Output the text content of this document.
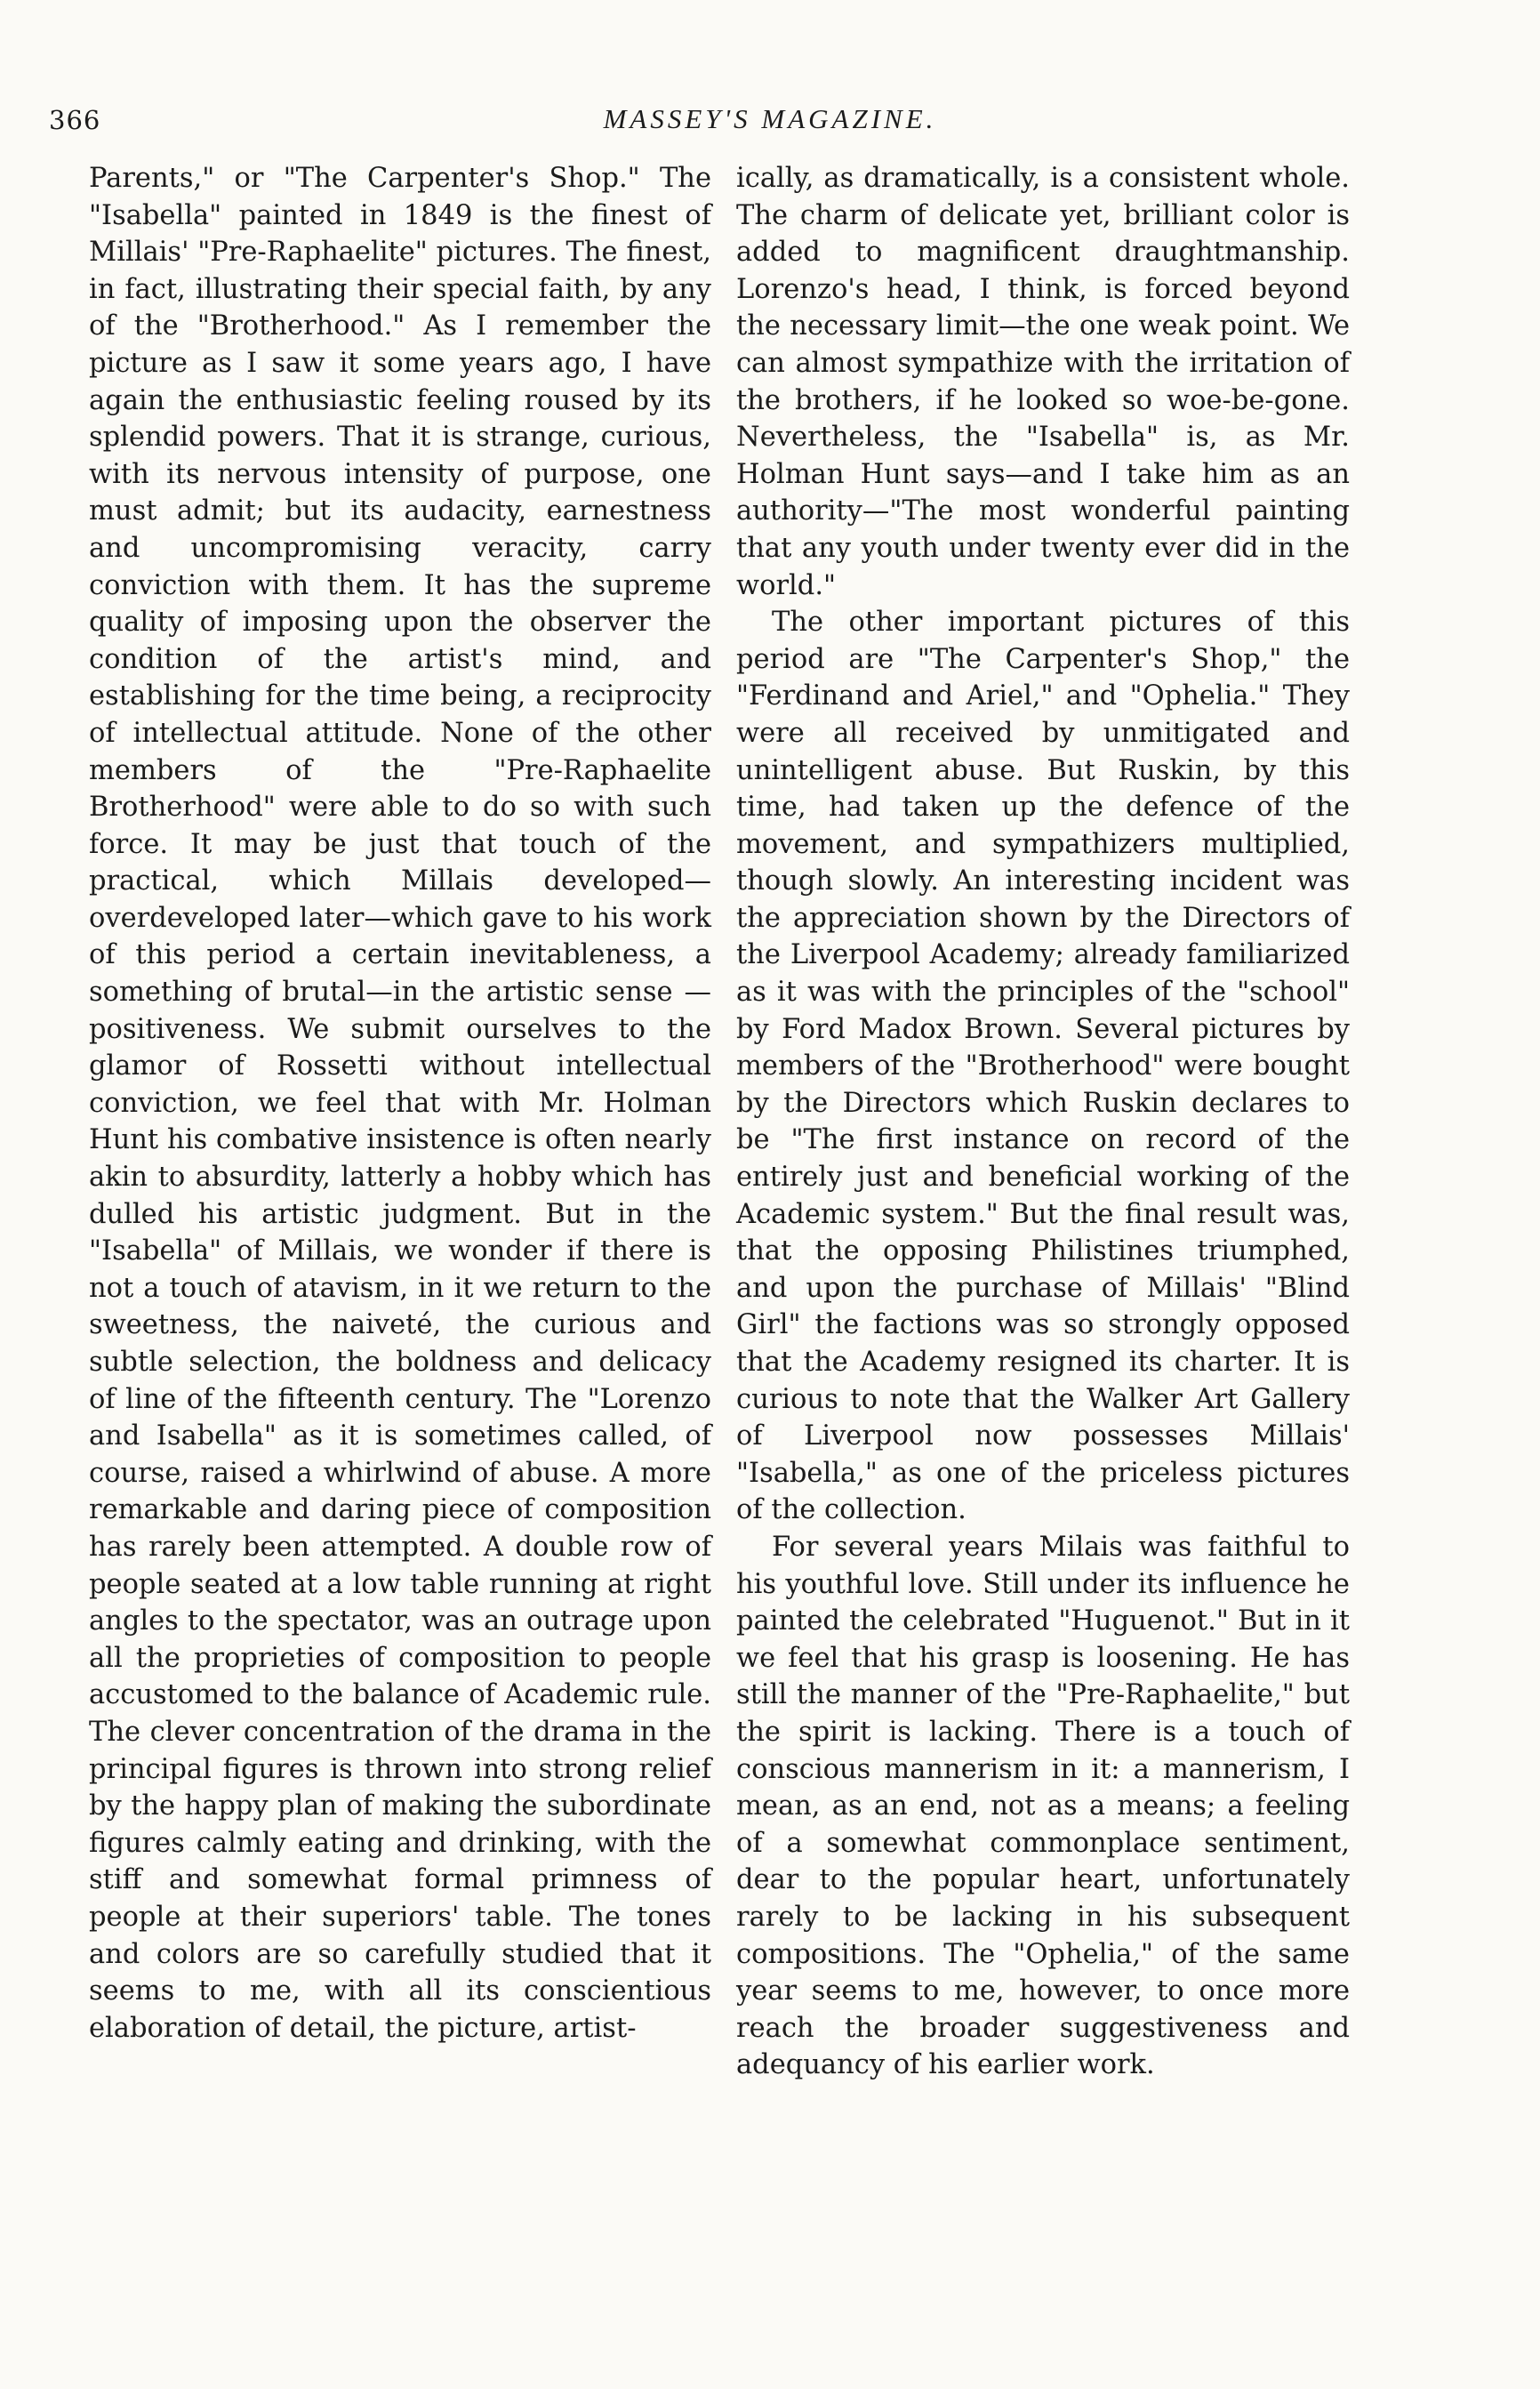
366	MASSEY'S MAGAZINE.

Parents," or "The Carpenter's Shop." The "Isabella" painted in 1849 is the finest of Millais' "Pre-Raphaelite" pictures. The finest, in fact, illustrating their special faith, by any of the "Brotherhood." As I remember the picture as I saw it some years ago, I have again the enthusiastic feeling roused by its splendid powers. That it is strange, curious, with its nervous intensity of purpose, one must admit; but its audacity, earnestness and uncompromising veracity, carry conviction with them. It has the supreme quality of imposing upon the observer the condition of the artist's mind, and establishing for the time being, a reciprocity of intellectual attitude. None of the other members of the "Pre-Raphaelite Brotherhood" were able to do so with such force. It may be just that touch of the practical, which Millais developed—overdeveloped later—which gave to his work of this period a certain inevitableness, a something of brutal—in the artistic sense —positiveness. We submit ourselves to the glamor of Rossetti without intellectual conviction, we feel that with Mr. Holman Hunt his combative insistence is often nearly akin to absurdity, latterly a hobby which has dulled his artistic judgment. But in the "Isabella" of Millais, we wonder if there is not a touch of atavism, in it we return to the sweetness, the naiveté, the curious and subtle selection, the boldness and delicacy of line of the fifteenth century. The "Lorenzo and Isabella" as it is sometimes called, of course, raised a whirlwind of abuse. A more remarkable and daring piece of composition has rarely been attempted. A double row of people seated at a low table running at right angles to the spectator, was an outrage upon all the proprieties of composition to people accustomed to the balance of Academic rule. The clever concentration of the drama in the principal figures is thrown into strong relief by the happy plan of making the subordinate figures calmly eating and drinking, with the stiff and somewhat formal primness of people at their superiors' table. The tones and colors are so carefully studied that it seems to me, with all its conscientious elaboration of detail, the picture, artist-

ically, as dramatically, is a consistent whole. The charm of delicate yet, brilliant color is added to magnificent draughtmanship. Lorenzo's head, I think, is forced beyond the necessary limit—the one weak point. We can almost sympathize with the irritation of the brothers, if he looked so woe-be-gone. Nevertheless, the "Isabella" is, as Mr. Holman Hunt says—and I take him as an authority—"The most wonderful painting that any youth under twenty ever did in the world."

The other important pictures of this period are "The Carpenter's Shop," the "Ferdinand and Ariel," and "Ophelia." They were all received by unmitigated and unintelligent abuse. But Ruskin, by this time, had taken up the defence of the movement, and sympathizers multiplied, though slowly. An interesting incident was the appreciation shown by the Directors of the Liverpool Academy; already familiarized as it was with the principles of the "school" by Ford Madox Brown. Several pictures by members of the "Brotherhood" were bought by the Directors which Ruskin declares to be "The first instance on record of the entirely just and beneficial working of the Academic system." But the final result was, that the opposing Philistines triumphed, and upon the purchase of Millais' "Blind Girl" the factions was so strongly opposed that the Academy resigned its charter. It is curious to note that the Walker Art Gallery of Liverpool now possesses Millais' "Isabella," as one of the priceless pictures of the collection.

For several years Milais was faithful to his youthful love. Still under its influence he painted the celebrated "Huguenot." But in it we feel that his grasp is loosening. He has still the manner of the "Pre-Raphaelite," but the spirit is lacking. There is a touch of conscious mannerism in it: a mannerism, I mean, as an end, not as a means; a feeling of a somewhat commonplace sentiment, dear to the popular heart, unfortunately rarely to be lacking in his subsequent compositions. The "Ophelia," of the same year seems to me, however, to once more reach the broader suggestiveness and adequancy of his earlier work.
